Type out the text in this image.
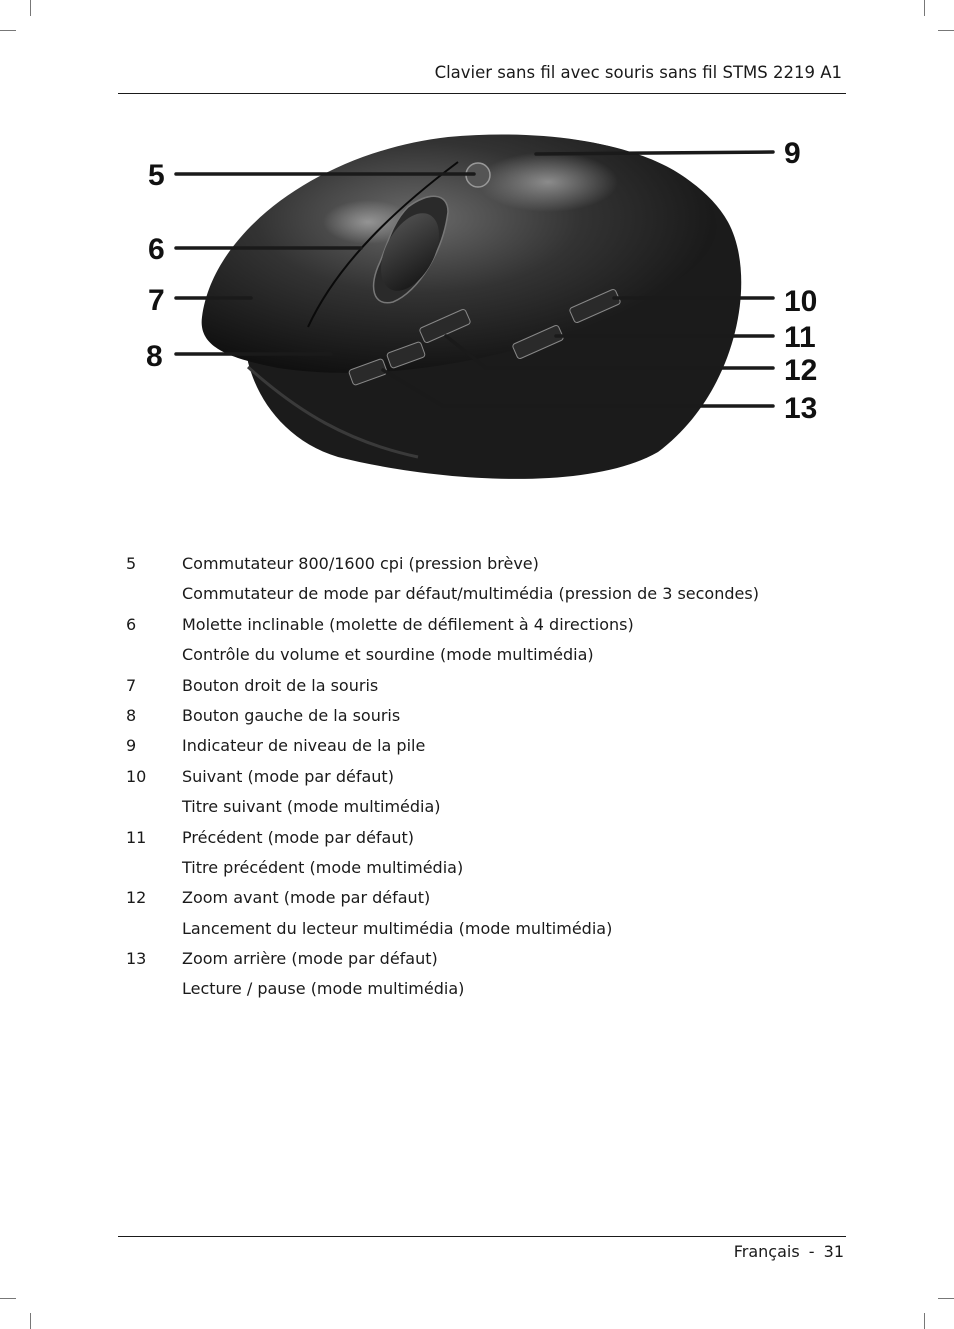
Clavier sans fil avec souris sans fil STMS 2219 A1
5
6
7
8
9
10
11
12
13
5	Commutateur 800/1600 cpi (pression brève)
Commutateur de mode par défaut/multimédia (pression de 3 secondes)
6	Molette inclinable (molette de défilement à 4 directions)
Contrôle du volume et sourdine (mode multimédia)
7	Bouton droit de la souris
8	Bouton gauche de la souris
9	Indicateur de niveau de la pile
10 Suivant (mode par défaut)
Titre suivant (mode multimédia)
11 Précédent (mode par défaut)
Titre précédent (mode multimédia)
12 Zoom avant (mode par défaut)
Lancement du lecteur multimédia (mode multimédia)
13 Zoom arrière (mode par défaut)
Lecture / pause (mode multimédia)
Français - 31
